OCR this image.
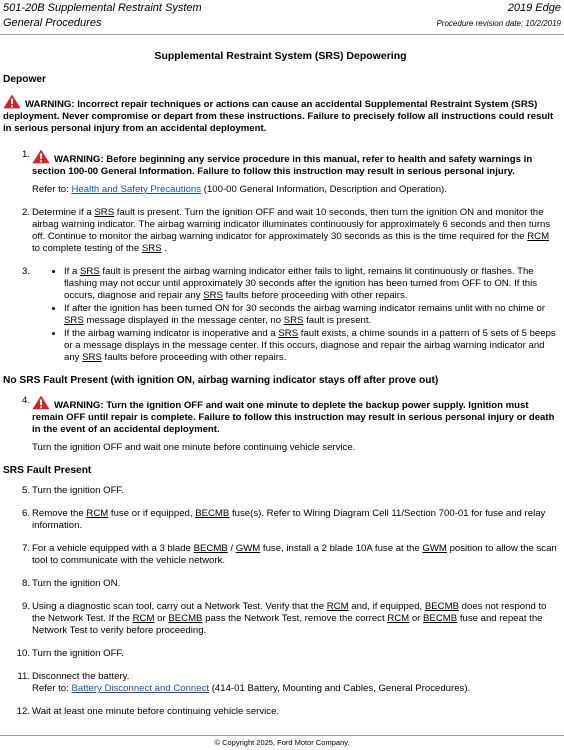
501-20B Supplemental Restraint System
General Procedures
2019 Edge
Procedure revision date: 10/2/2019
Supplemental Restraint System (SRS) Depowering
Depower
WARNING: Incorrect repair techniques or actions can cause an accidental Supplemental Restraint System (SRS) deployment. Never compromise or depart from these instructions. Failure to precisely follow all instructions could result in serious personal injury from an accidental deployment.
1.	WARNING: Before beginning any service procedure in this manual, refer to health and safety warnings in section 100-00 General Information. Failure to follow this instruction may result in serious personal injury.
Refer to: Health and Safety Precautions (100-00 General Information, Description and Operation).
2. Determine if a SRS fault is present. Turn the ignition OFF and wait 10 seconds, then turn the ignition ON and monitor the airbag warning indicator. The airbag warning indicator illuminates continuously for approximately 6 seconds and then turns off. Continue to monitor the airbag warning indicator for approximately 30 seconds as this is the time required for the RCM to complete testing of the SRS .
3.
•	If a SRS fault is present the airbag warning indicator either fails to light, remains lit continuously or flashes. The flashing may not occur until approximately 30 seconds after the ignition has been turned from OFF to ON. If this occurs, diagnose and repair any SRS faults before proceeding with other repairs.
• If after the ignition has been turned ON for 30 seconds the airbag warning indicator remains unlit with no chime or SRS message displayed in the message center, no SRS fault is present.
• If the airbag warning indicator is inoperative and a SRS fault exists, a chime sounds in a pattern of 5 sets of 5 beeps or a message displays in the message center. If this occurs, diagnose and repair the airbag warning indicator and any SRS faults before proceeding with other repairs.
No SRS Fault Present (with ignition ON, airbag warning indicator stays off after prove out)
4.	WARNING: Turn the ignition OFF and wait one minute to deplete the backup power supply. Ignition must remain OFF until repair is complete. Failure to follow this instruction may result in serious personal injury or death in the event of an accidental deployment.
Turn the ignition OFF and wait one minute before continuing vehicle service.
SRS Fault Present
5. Turn the ignition OFF.
6. Remove the RCM fuse or if equipped, BECMB fuse(s). Refer to Wiring Diagram Cell 11/Section 700-01 for fuse and relay information.
7. For a vehicle equipped with a 3 blade BECMB / GWM fuse, install a 2 blade 10A fuse at the GWM position to allow the scan tool to communicate with the vehicle network.
8. Turn the ignition ON.
9. Using a diagnostic scan tool, carry out a Network Test. Verify that the RCM and, if equipped, BECMB does not respond to the Network Test. If the RCM or BECMB pass the Network Test, remove the correct RCM or BECMB fuse and repeat the Network Test to verify before proceeding.
10. Turn the ignition OFF.
11. Disconnect the battery.
Refer to: Battery Disconnect and Connect (414-01 Battery, Mounting and Cables, General Procedures).
12. Wait at least one minute before continuing vehicle service.
© Copyright 2025, Ford Motor Company.
